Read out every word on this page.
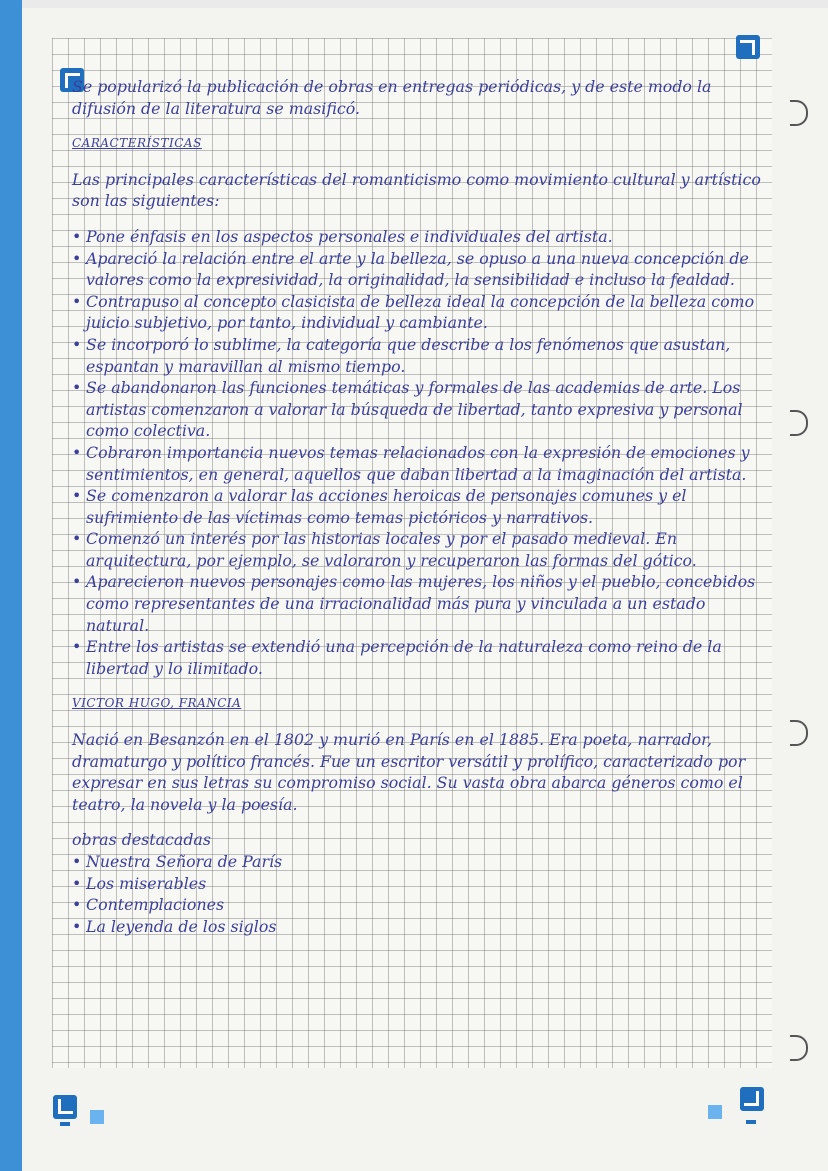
Se popularizó la publicación de obras en entregas periódicas, y de este modo la difusión de la literatura se masificó.

CARACTERÍSTICAS

Las principales características del romanticismo como movimiento cultural y artístico son las siguientes:

• Pone énfasis en los aspectos personales e individuales del artista.
• Apareció la relación entre el arte y la belleza, se opuso a una nueva concepción de valores como la expresividad, la originalidad, la sensibilidad e incluso la fealdad.
• Contrapuso al concepto clasicista de belleza ideal la concepción de la belleza como juicio subjetivo, por tanto, individual y cambiante.
• Se incorporó lo sublime, la categoría que describe a los fenómenos que asustan, espantan y maravillan al mismo tiempo.
• Se abandonaron las funciones temáticas y formales de las academias de arte. Los artistas comenzaron a valorar la búsqueda de libertad, tanto expresiva y personal como colectiva.
• Cobraron importancia nuevos temas relacionados con la expresión de emociones y sentimientos, en general, aquellos que daban libertad a la imaginación del artista.
• Se comenzaron a valorar las acciones heroicas de personajes comunes y el sufrimiento de las víctimas como temas pictóricos y narrativos.
• Comenzó un interés por las historias locales y por el pasado medieval. En arquitectura, por ejemplo, se valoraron y recuperaron las formas del gótico.
• Aparecieron nuevos personajes como las mujeres, los niños y el pueblo, concebidos como representantes de una irracionalidad más pura y vinculada a un estado natural.
• Entre los artistas se extendió una percepción de la naturaleza como reino de la libertad y lo ilimitado.

VICTOR HUGO, FRANCIA

Nació en Besanzón en el 1802 y murió en París en el 1885. Era poeta, narrador, dramaturgo y político francés. Fue un escritor versátil y prolífico, caracterizado por expresar en sus letras su compromiso social. Su vasta obra abarca géneros como el teatro, la novela y la poesía.

obras destacadas

• Nuestra Señora de París
• Los miserables
• Contemplaciones
• La leyenda de los siglos
